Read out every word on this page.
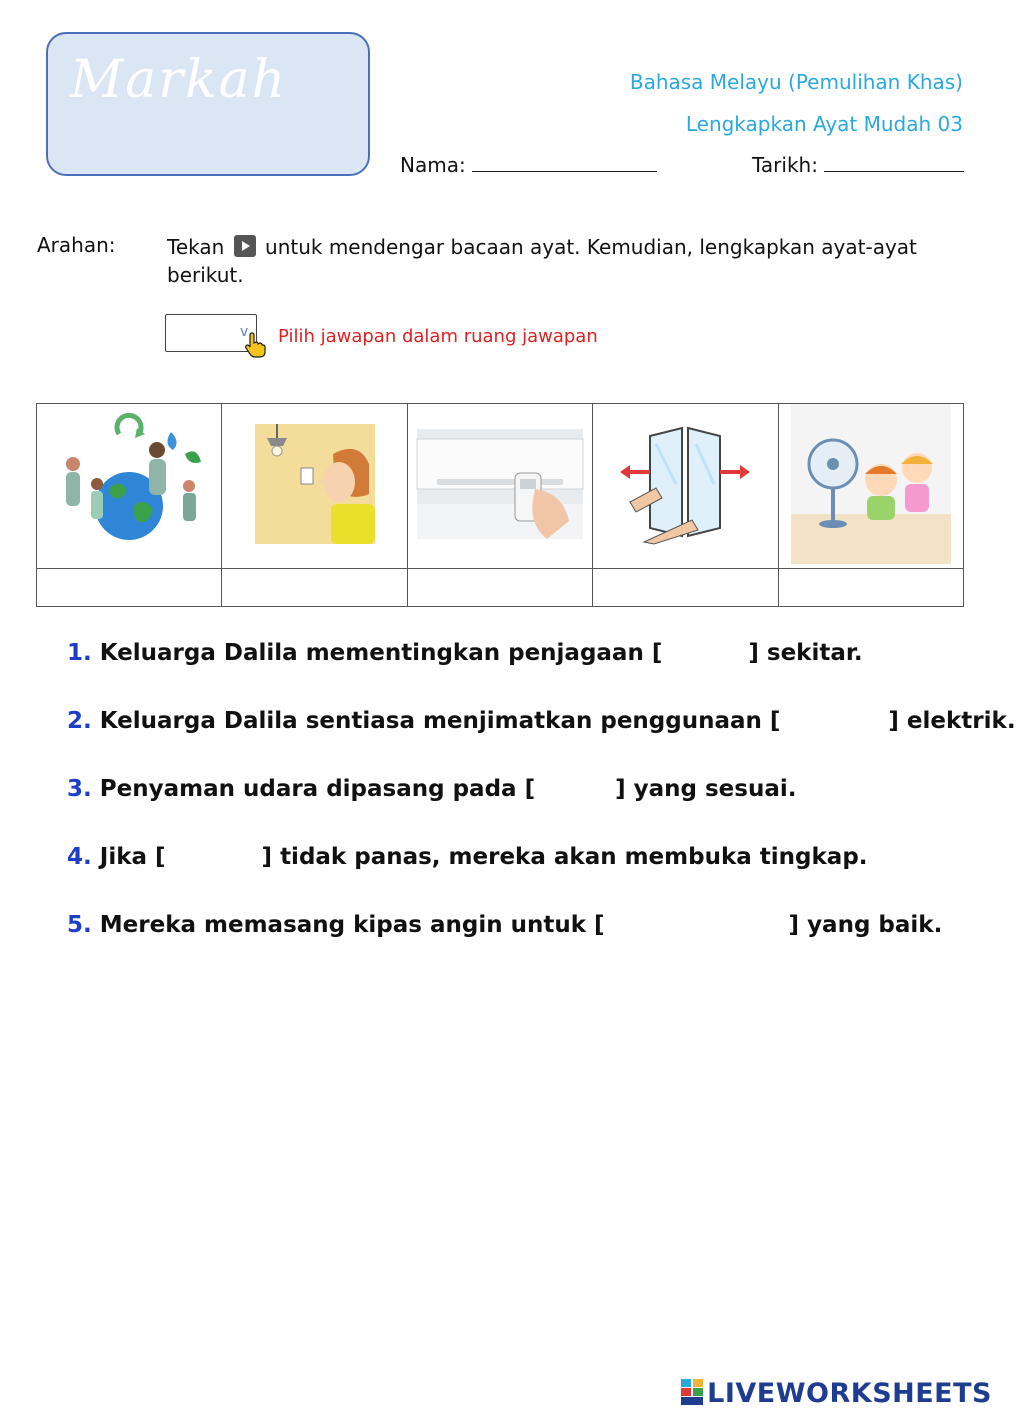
Markah	Bahasa Melayu (Pemulihan Khas)
Lengkapkan Ayat Mudah 03
Nama:	Tarikh:
Arahan:	Tekan untuk mendengar bacaan ayat. Kemudian, lengkapkan ayat-ayat berikut.
v Pilih jawapan dalam ruang jawapan

1. Keluarga Dalila mementingkan penjagaan [	] sekitar.
2. Keluarga Dalila sentiasa menjimatkan penggunaan [	] elektrik.
3. Penyaman udara dipasang pada [	] yang sesuai.
4. Jika [	] tidak panas, mereka akan membuka tingkap.
5. Mereka memasang kipas angin untuk [	] yang baik.
LIVEWORKSHEETS
